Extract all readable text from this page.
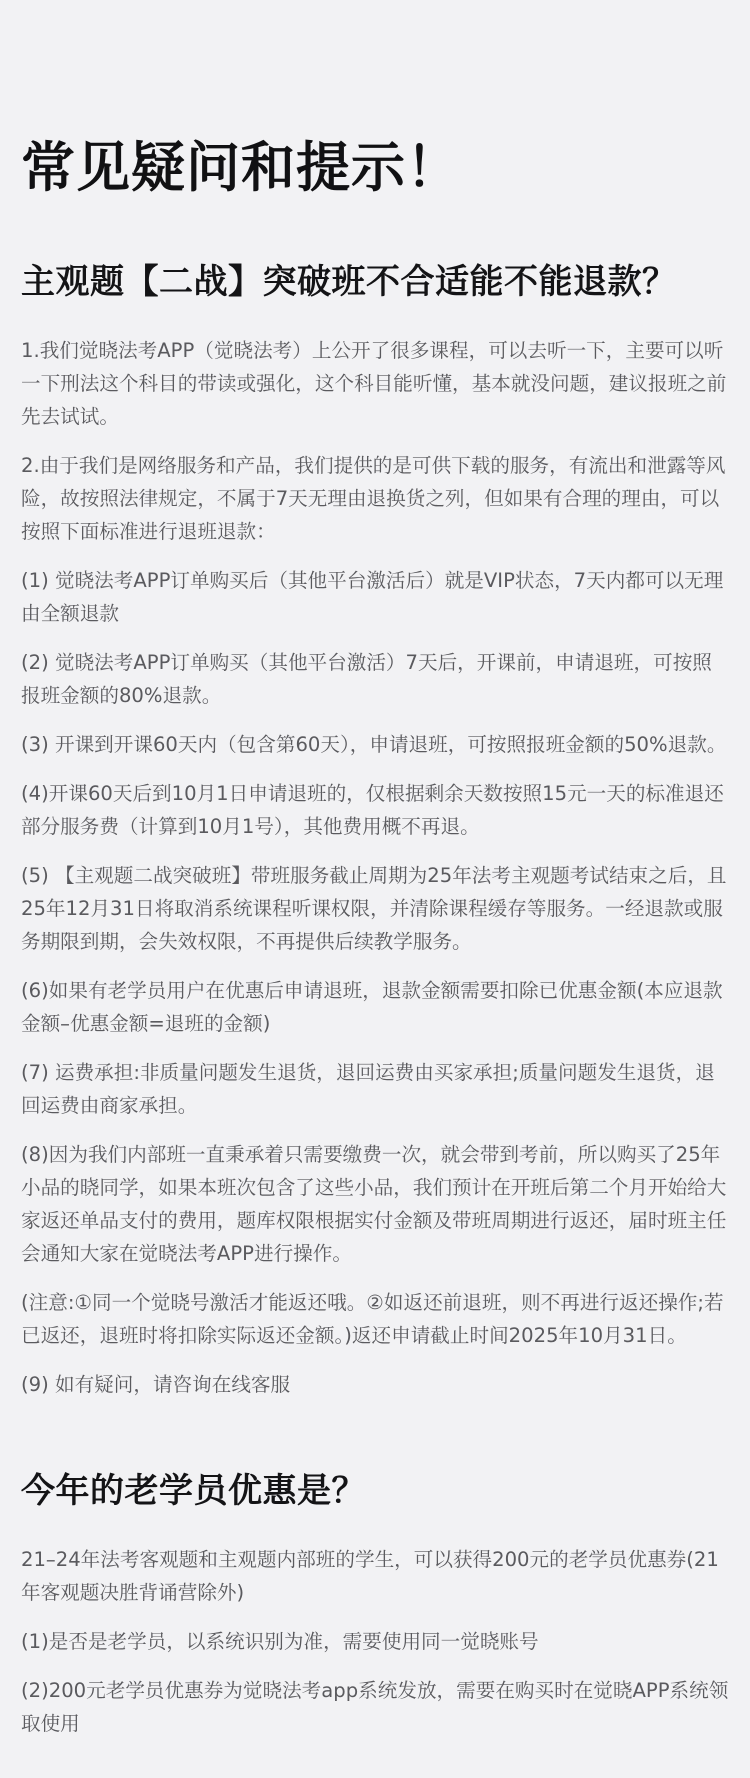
常见疑问和提示！
主观题【二战】突破班不合适能不能退款？

1.我们觉晓法考APP（觉晓法考）上公开了很多课程，可以去听一下，主要可以听一下刑法这个科目的带读或强化，这个科目能听懂，基本就没问题，建议报班之前先去试试。

2.由于我们是网络服务和产品，我们提供的是可供下载的服务，有流出和泄露等风险，故按照法律规定，不属于7天无理由退换货之列，但如果有合理的理由，可以按照下面标准进行退班退款：

(1) 觉晓法考APP订单购买后（其他平台激活后）就是VIP状态，7天内都可以无理由全额退款

(2) 觉晓法考APP订单购买（其他平台激活）7天后，开课前，申请退班，可按照报班金额的80%退款。

(3) 开课到开课60天内（包含第60天），申请退班，可按照报班金额的50%退款。

(4)开课60天后到10月1日申请退班的，仅根据剩余天数按照15元一天的标准退还部分服务费（计算到10月1号），其他费用概不再退。

(5) 【主观题二战突破班】带班服务截止周期为25年法考主观题考试结束之后，且25年12月31日将取消系统课程听课权限，并清除课程缓存等服务。一经退款或服务期限到期，会失效权限，不再提供后续教学服务。

(6)如果有老学员用户在优惠后申请退班，退款金额需要扣除已优惠金额(本应退款金额–优惠金额=退班的金额)

(7) 运费承担:非质量问题发生退货，退回运费由买家承担;质量问题发生退货，退回运费由商家承担。

(8)因为我们内部班一直秉承着只需要缴费一次，就会带到考前，所以购买了25年小品的晓同学，如果本班次包含了这些小品，我们预计在开班后第二个月开始给大家返还单品支付的费用，题库权限根据实付金额及带班周期进行返还，届时班主任会通知大家在觉晓法考APP进行操作。

(注意:①同一个觉晓号激活才能返还哦。②如返还前退班，则不再进行返还操作;若已返还，退班时将扣除实际返还金额。)返还申请截止时间2025年10月31日。

(9) 如有疑问，请咨询在线客服

今年的老学员优惠是？

21–24年法考客观题和主观题内部班的学生，可以获得200元的老学员优惠券(21年客观题决胜背诵营除外)

(1)是否是老学员，以系统识别为准，需要使用同一觉晓账号

(2)200元老学员优惠券为觉晓法考app系统发放，需要在购买时在觉晓APP系统领取使用
